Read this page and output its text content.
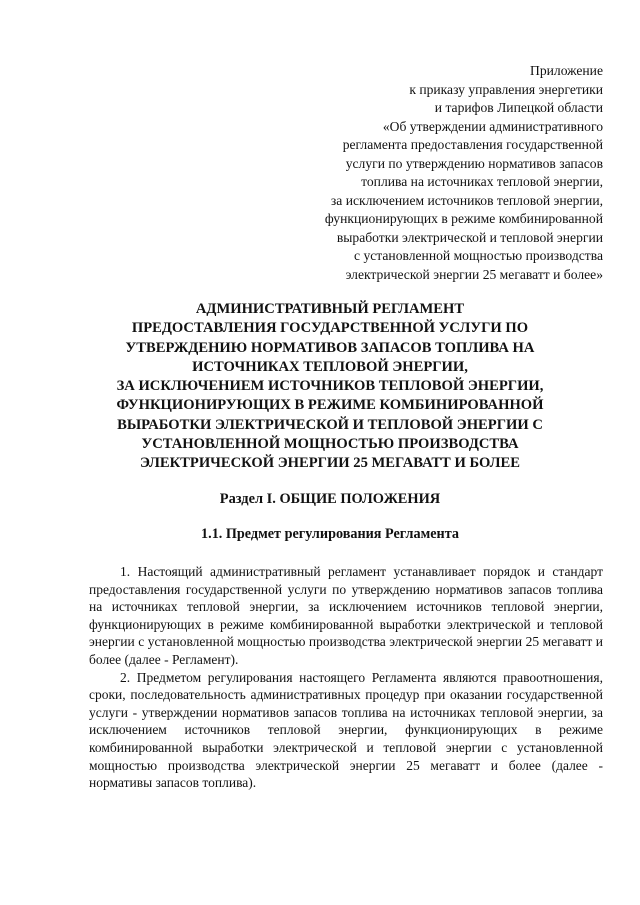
Приложение
к приказу управления энергетики
и тарифов Липецкой области
«Об утверждении административного
регламента предоставления государственной
услуги по утверждению нормативов запасов
топлива на источниках тепловой энергии,
за исключением источников тепловой энергии,
функционирующих в режиме комбинированной
выработки электрической и тепловой энергии
с установленной мощностью производства
электрической энергии 25 мегаватт и более»
АДМИНИСТРАТИВНЫЙ РЕГЛАМЕНТ
ПРЕДОСТАВЛЕНИЯ ГОСУДАРСТВЕННОЙ УСЛУГИ ПО
УТВЕРЖДЕНИЮ НОРМАТИВОВ ЗАПАСОВ ТОПЛИВА НА
ИСТОЧНИКАХ ТЕПЛОВОЙ ЭНЕРГИИ,
ЗА ИСКЛЮЧЕНИЕМ ИСТОЧНИКОВ ТЕПЛОВОЙ ЭНЕРГИИ,
ФУНКЦИОНИРУЮЩИХ В РЕЖИМЕ КОМБИНИРОВАННОЙ
ВЫРАБОТКИ ЭЛЕКТРИЧЕСКОЙ И ТЕПЛОВОЙ ЭНЕРГИИ С
УСТАНОВЛЕННОЙ МОЩНОСТЬЮ ПРОИЗВОДСТВА
ЭЛЕКТРИЧЕСКОЙ ЭНЕРГИИ 25 МЕГАВАТТ И БОЛЕЕ
Раздел I. ОБЩИЕ ПОЛОЖЕНИЯ
1.1. Предмет регулирования Регламента

1. Настоящий административный регламент устанавливает порядок и стандарт предоставления государственной услуги по утверждению нормативов запасов топлива на источниках тепловой энергии, за исключением источников тепловой энергии, функционирующих в режиме комбинированной выработки электрической и тепловой энергии с установленной мощностью производства электрической энергии 25 мегаватт и более (далее - Регламент).

2. Предметом регулирования настоящего Регламента являются правоотношения, сроки, последовательность административных процедур при оказании государственной услуги - утверждении нормативов запасов топлива на источниках тепловой энергии, за исключением источников тепловой энергии, функционирующих в режиме комбинированной выработки электрической и тепловой энергии с установленной мощностью производства электрической энергии 25 мегаватт и более (далее - нормативы запасов топлива).
